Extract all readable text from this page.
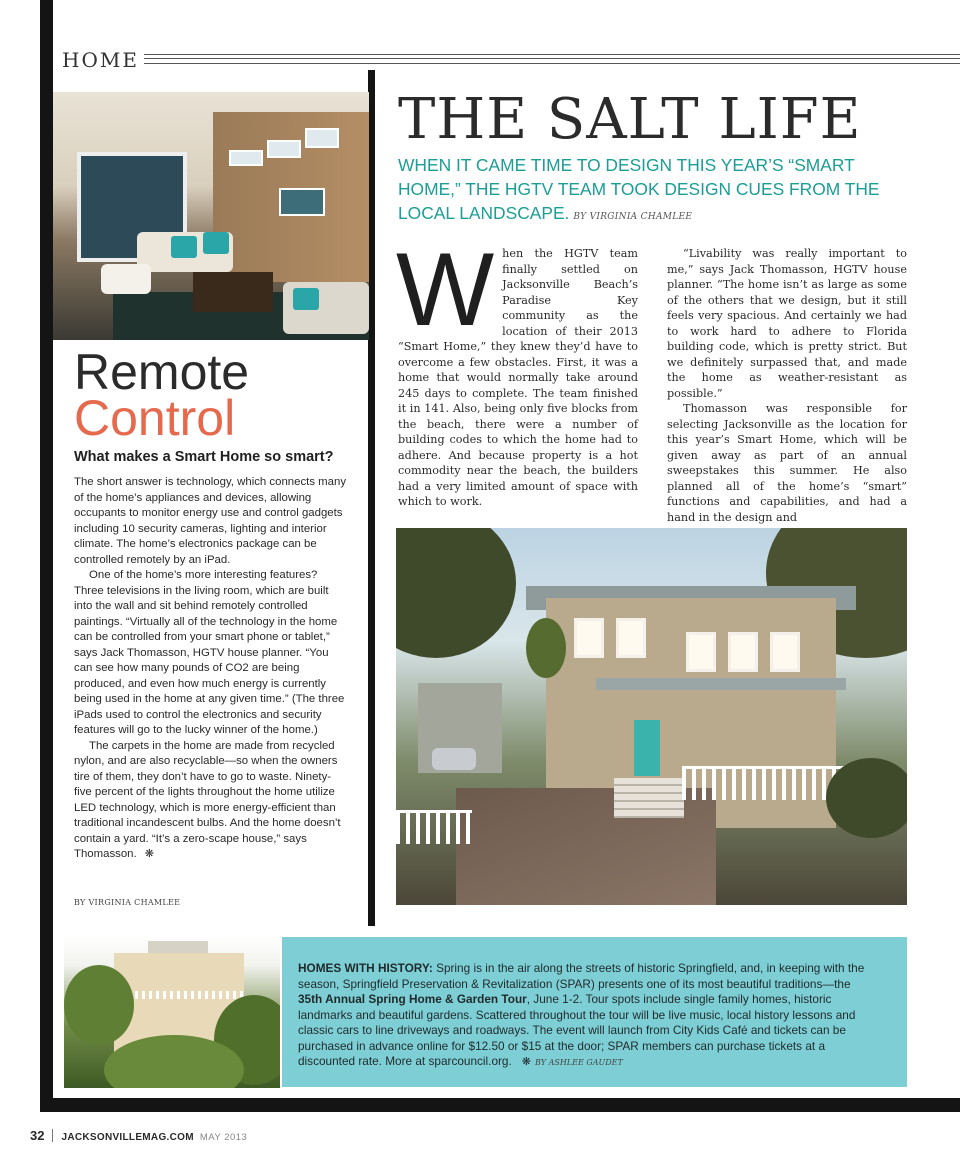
HOME
Remote
Control
What makes a Smart Home so smart?

The short answer is technology, which connects many of the home’s appliances and devices, allowing occupants to monitor energy use and control gadgets including 10 security cameras, lighting and interior climate. The home’s electronics package can be controlled remotely by an iPad.

One of the home’s more interesting features? Three televisions in the living room, which are built into the wall and sit behind remotely controlled paintings. “Virtually all of the technology in the home can be controlled from your smart phone or tablet,” says Jack Thomasson, HGTV house planner. “You can see how many pounds of CO2 are being produced, and even how much energy is currently being used in the home at any given time.” (The three iPads used to control the electronics and security features will go to the lucky winner of the home.)

The carpets in the home are made from recycled nylon, and are also recyclable—so when the owners tire of them, they don’t have to go to waste. Ninety-five percent of the lights throughout the home utilize LED technology, which is more energy-efficient than traditional incandescent bulbs. And the home doesn’t contain a yard. “It’s a zero-scape house,” says Thomasson. ❋

BY VIRGINIA CHAMLEE
THE SALT LIFE
WHEN IT CAME TIME TO DESIGN THIS YEAR’S “SMART HOME,” THE HGTV TEAM TOOK DESIGN CUES FROM THE LOCAL LANDSCAPE. BY VIRGINIA CHAMLEE
W hen the HGTV team finally settled on Jacksonville Beach’s Paradise Key community as the location of their 2013 “Smart Home,” they knew they’d have to overcome a few obstacles. First, it was a home that would normally take around 245 days to complete. The team finished it in 141. Also, being only five blocks from the beach, there were a number of building codes to which the home had to adhere. And because property is a hot commodity near the beach, the builders had a very limited amount of space with which to work.

“Livability was really important to me,” says Jack Thomasson, HGTV house planner. “The home isn’t as large as some of the others that we design, but it still feels very spacious. And certainly we had to work hard to adhere to Florida building code, which is pretty strict. But we definitely surpassed that, and made the home as weather-resistant as possible.”

Thomasson was responsible for selecting Jacksonville as the location for this year’s Smart Home, which will be given away as part of an annual sweepstakes this summer. He also planned all of the home’s “smart” functions and capabilities, and had a hand in the design and

HOMES WITH HISTORY: Spring is in the air along the streets of historic Springfield, and, in keeping with the season, Springfield Preservation & Revitalization (SPAR) presents one of its most beautiful traditions—the 35th Annual Spring Home & Garden Tour, June 1-2. Tour spots include single family homes, historic landmarks and beautiful gardens. Scattered throughout the tour will be live music, local history lessons and classic cars to line driveways and roadways. The event will launch from City Kids Café and tickets can be purchased in advance online for $12.50 or $15 at the door; SPAR members can purchase tickets at a discounted rate. More at sparcouncil.org. ❋ BY ASHLEE GAUDET
32 JACKSONVILLEMAG.COM MAY 2013
